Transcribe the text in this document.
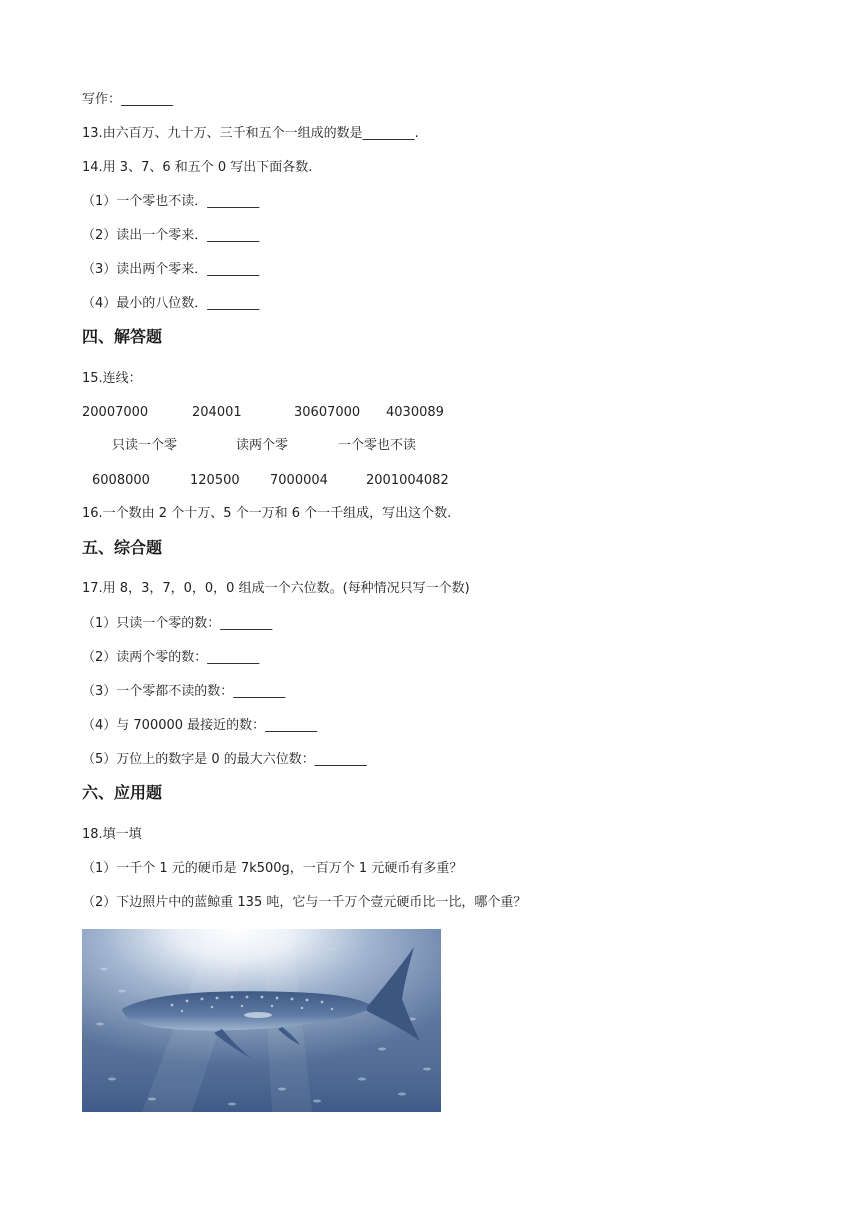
写作：________
13.由六百万、九十万、三千和五个一组成的数是________.
14.用 3、7、6 和五个 0 写出下面各数.
（1）一个零也不读．________
（2）读出一个零来．________
（3）读出两个零来．________
（4）最小的八位数．________
四、解答题
15.连线：
20007000	204001	30607000 4030089
只读一个零	读两个零	一个零也不读
6008000	120500 7000004	2001004082
16.一个数由 2 个十万、5 个一万和 6 个一千组成，写出这个数.
五、综合题
17.用 8，3，7，0，0，0 组成一个六位数。(每种情况只写一个数)
（1）只读一个零的数：________
（2）读两个零的数：________
（3）一个零都不读的数：________
（4）与 700000 最接近的数：________
（5）万位上的数字是 0 的最大六位数：________
六、应用题
18.填一填
（1）一千个 1 元的硬币是 7k500g，一百万个 1 元硬币有多重？
（2）下边照片中的蓝鲸重 135 吨，它与一千万个壹元硬币比一比，哪个重？
